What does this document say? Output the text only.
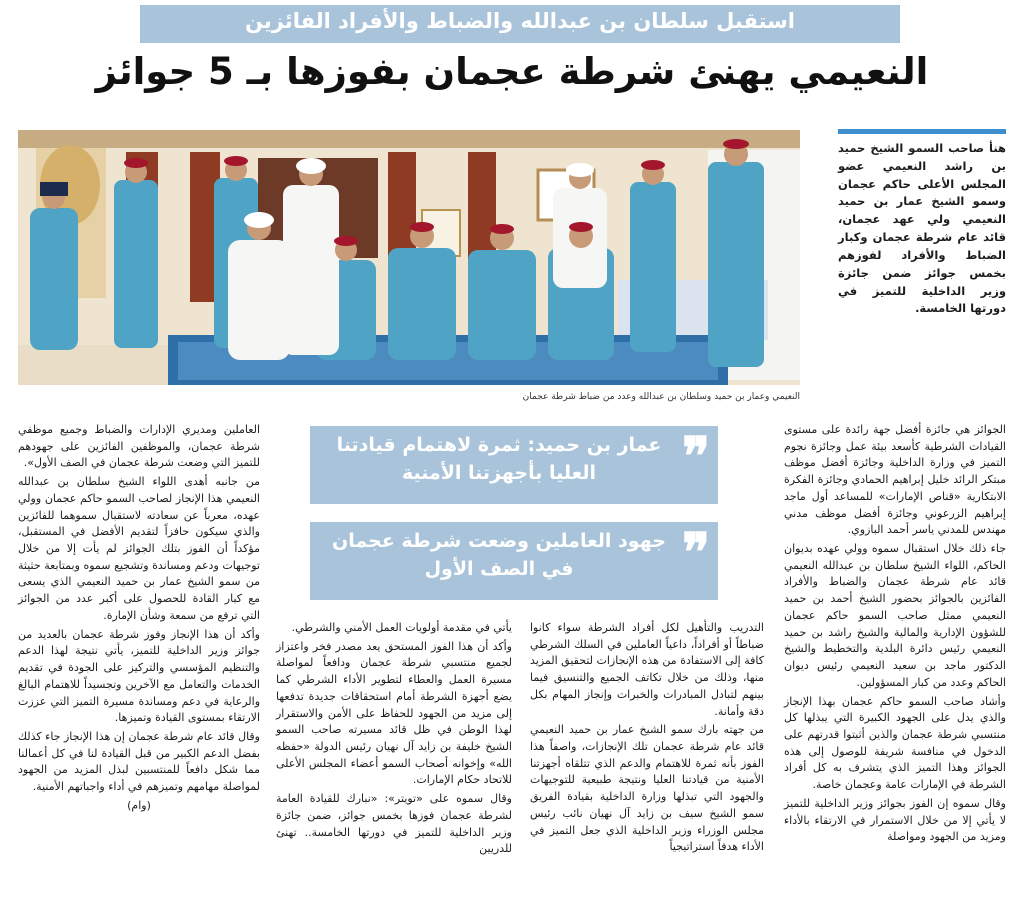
استقبل سلطان بن عبدالله والضباط والأفراد الفائزين
النعيمي يهنئ شرطة عجمان بفوزها بـ 5 جوائز
النعيمي وعمار بن حميد وسلطان بن عبدالله وعدد من ضباط شرطة عجمان
هنأ صاحب السمو الشيخ حميد بن راشد النعيمي عضو المجلس الأعلى حاكم عجمان وسمو الشيخ عمار بن حميد النعيمي ولي عهد عجمان، قائد عام شرطة عجمان وكبار الضباط والأفراد لفوزهم بخمس جوائز ضمن جائزة وزير الداخلية للتميز في دورتها الخامسة.

الجوائز هي جائزة أفضل جهة رائدة على مستوى القيادات الشرطية كأسعد بيئة عمل وجائزة نجوم التميز في وزارة الداخلية وجائزة أفضل موظف مبتكر الرائد خليل إبراهيم الحمادي وجائزة الفكرة الابتكارية «قناص الإمارات» للمساعد أول ماجد إبراهيم الزرعوني وجائزة أفضل موظف مدني مهندس للمدني ياسر أحمد البازوي.

جاء ذلك خلال استقبال سموه وولي عهده بديوان الحاكم، اللواء الشيخ سلطان بن عبدالله النعيمي قائد عام شرطة عجمان والضباط والأفراد الفائزين بالجوائز بحضور الشيخ أحمد بن حميد النعيمي ممثل صاحب السمو حاكم عجمان للشؤون الإدارية والمالية والشيخ راشد بن حميد النعيمي رئيس دائرة البلدية والتخطيط والشيخ الدكتور ماجد بن سعيد النعيمي رئيس ديوان الحاكم وعدد من كبار المسؤولين.

وأشاد صاحب السمو حاكم عجمان بهذا الإنجاز والذي يدل على الجهود الكبيرة التي يبذلها كل منتسبي شرطة عجمان والذين أثبتوا قدرتهم على الدخول في منافسة شريفة للوصول إلى هذه الجوائز وهذا التميز الذي يتشرف به كل أفراد الشرطة في الإمارات عامة وعجمان خاصة.

وقال سموه إن الفوز بجوائز وزير الداخلية للتميز لا يأتي إلا من خلال الاستمرار في الارتقاء بالأداء ومزيد من الجهود ومواصلة

❞
عمار بن حميد: ثمرة لاهتمام قيادتنا العليا بأجهزتنا الأمنية
❞
جهود العاملين وضعت شرطة عجمان في الصف الأول

التدريب والتأهيل لكل أفراد الشرطة سواء كانوا ضباطاً أو أفراداً، داعياً العاملين في السلك الشرطي كافة إلى الاستفادة من هذه الإنجازات لتحقيق المزيد منها، وذلك من خلال تكاتف الجميع والتنسيق فيما بينهم لتبادل المبادرات والخبرات وإنجاز المهام بكل دقة وأمانة.

من جهته بارك سمو الشيخ عمار بن حميد النعيمي قائد عام شرطة عجمان تلك الإنجازات، واصفاً هذا الفوز بأنه ثمرة للاهتمام والدعم الذي تتلقاه أجهزتنا الأمنية من قيادتنا العليا ونتيجة طبيعية للتوجيهات والجهود التي تبذلها وزارة الداخلية بقيادة الفريق سمو الشيخ سيف بن زايد آل نهيان نائب رئيس مجلس الوزراء وزير الداخلية الذي جعل التميز في الأداء هدفاً استراتيجياً

يأتي في مقدمة أولويات العمل الأمني والشرطي.

وأكد أن هذا الفوز المستحق يعد مصدر فخر واعتزاز لجميع منتسبي شرطة عجمان ودافعاً لمواصلة مسيرة العمل والعطاء لتطوير الأداء الشرطي كما يضع أجهزة الشرطة أمام استحقاقات جديدة تدفعها إلى مزيد من الجهود للحفاظ على الأمن والاستقرار لهذا الوطن في ظل قائد مسيرته صاحب السمو الشيخ خليفة بن زايد آل نهيان رئيس الدولة «حفظه الله» وإخوانه أصحاب السمو أعضاء المجلس الأعلى للاتحاد حكام الإمارات.

وقال سموه على «تويتر»: «نبارك للقيادة العامة لشرطة عجمان فوزها بخمس جوائز، ضمن جائزة وزير الداخلية للتميز في دورتها الخامسة.. تهنئ للدريين

العاملين ومديري الإدارات والضباط وجميع موظفي شرطة عجمان، والموظفين الفائزين على جهودهم للتميز التي وضعت شرطة عجمان في الصف الأول».

من جانبه أهدى اللواء الشيخ سلطان بن عبدالله النعيمي هذا الإنجاز لصاحب السمو حاكم عجمان وولي عهده، معرباً عن سعادته لاستقبال سموهما للفائزين والذي سيكون حافزاً لتقديم الأفضل في المستقبل، مؤكداً أن الفوز بتلك الجوائز لم يأت إلا من خلال توجيهات ودعم ومساندة وتشجيع سموه وبمتابعة حثيثة من سمو الشيخ عمار بن حميد النعيمي الذي يسعى مع كبار القادة للحصول على أكبر عدد من الجوائز التي ترفع من سمعة وشأن الإمارة.

وأكد أن هذا الإنجاز وفوز شرطة عجمان بالعديد من جوائز وزير الداخلية للتميز، يأتي نتيجة لهذا الدعم والتنظيم المؤسسي والتركيز على الجودة في تقديم الخدمات والتعامل مع الآخرين وتجسيداً للاهتمام البالغ والرعاية في دعم ومساندة مسيرة التميز التي عززت الارتقاء بمستوى القيادة وتميزها.

وقال قائد عام شرطة عجمان إن هذا الإنجاز جاء كذلك بفضل الدعم الكبير من قبل القيادة لنا في كل أعمالنا مما شكل دافعاً للمنتسبين لبذل المزيد من الجهود لمواصلة مهامهم وتميزهم في أداء واجباتهم الأمنية.

(وام)
